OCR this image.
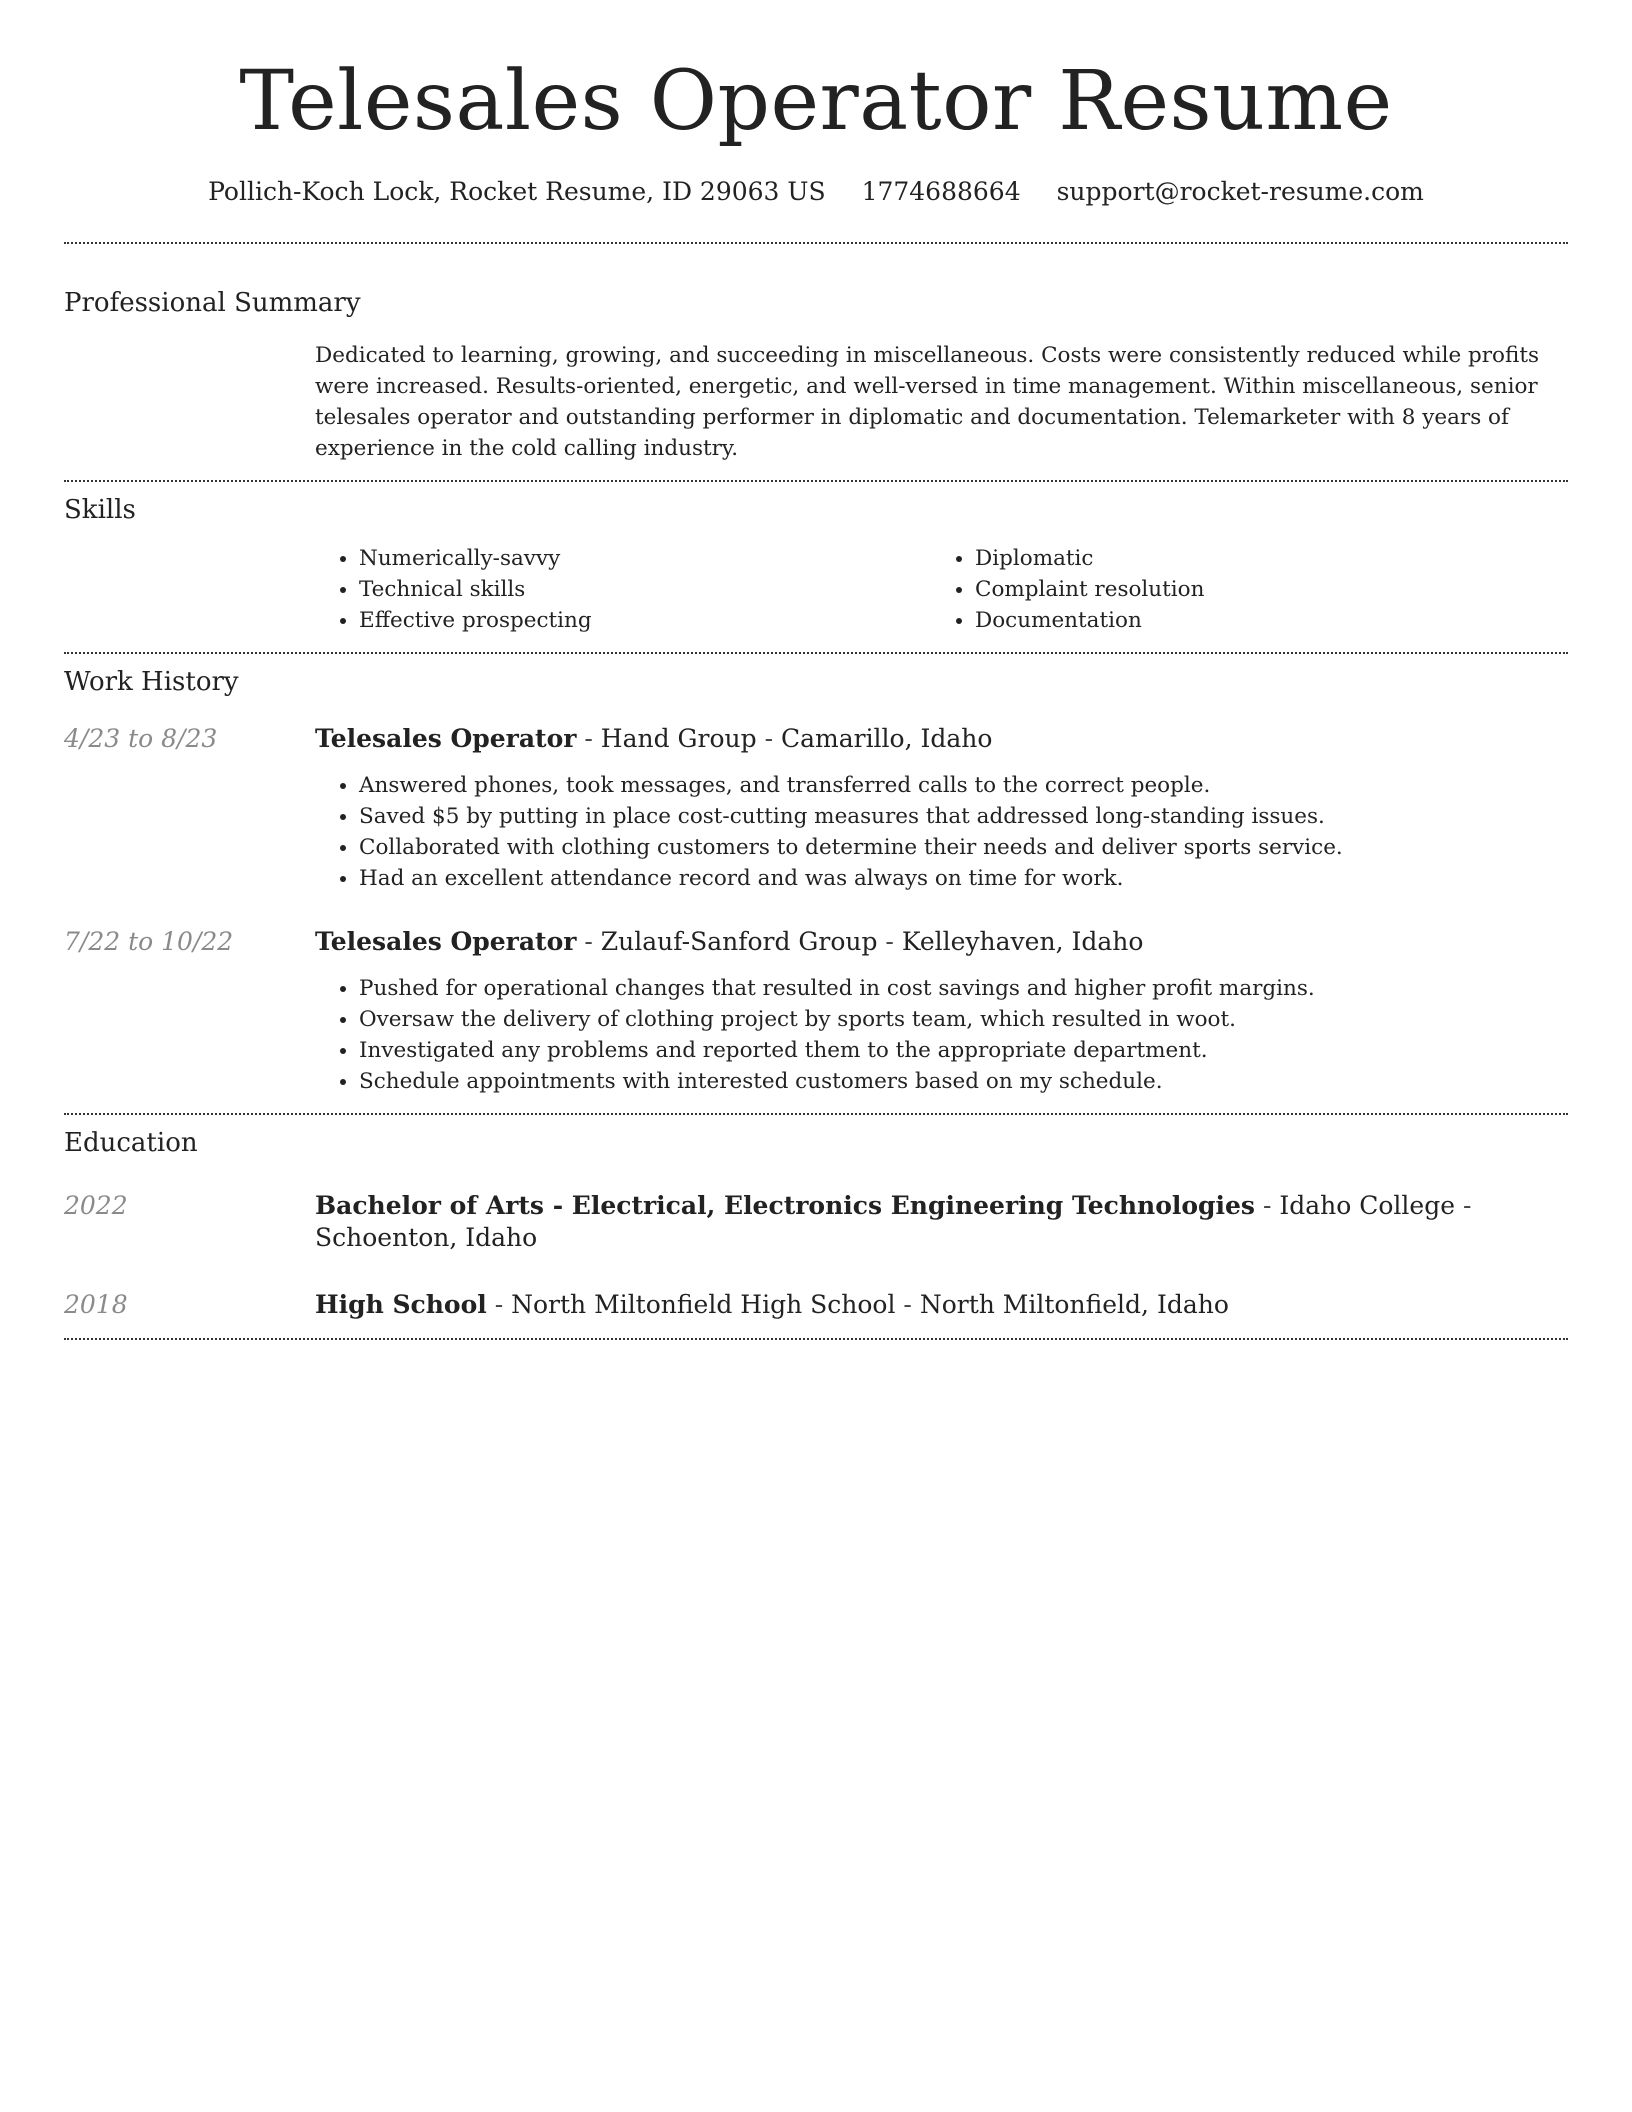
Telesales Operator Resume
Pollich-Koch Lock, Rocket Resume, ID 29063 US 1774688664 support@rocket-resume.com
Professional Summary
Dedicated to learning, growing, and succeeding in miscellaneous. Costs were consistently reduced while profits were increased. Results-oriented, energetic, and well-versed in time management. Within miscellaneous, senior telesales operator and outstanding performer in diplomatic and documentation. Telemarketer with 8 years of experience in the cold calling industry.
Skills
• Numerically-savvy
• Technical skills
• Effective prospecting
• Diplomatic
• Complaint resolution
• Documentation
Work History
4/23 to 8/23	Telesales Operator - Hand Group - Camarillo, Idaho
• Answered phones, took messages, and transferred calls to the correct people.
• Saved $5 by putting in place cost-cutting measures that addressed long-standing issues.
• Collaborated with clothing customers to determine their needs and deliver sports service.
• Had an excellent attendance record and was always on time for work.
7/22 to 10/22	Telesales Operator - Zulauf-Sanford Group - Kelleyhaven, Idaho
• Pushed for operational changes that resulted in cost savings and higher profit margins.
• Oversaw the delivery of clothing project by sports team, which resulted in woot.
• Investigated any problems and reported them to the appropriate department.
• Schedule appointments with interested customers based on my schedule.
Education
2022	Bachelor of Arts - Electrical, Electronics Engineering Technologies - Idaho College - Schoenton, Idaho
2018	High School - North Miltonfield High School - North Miltonfield, Idaho
